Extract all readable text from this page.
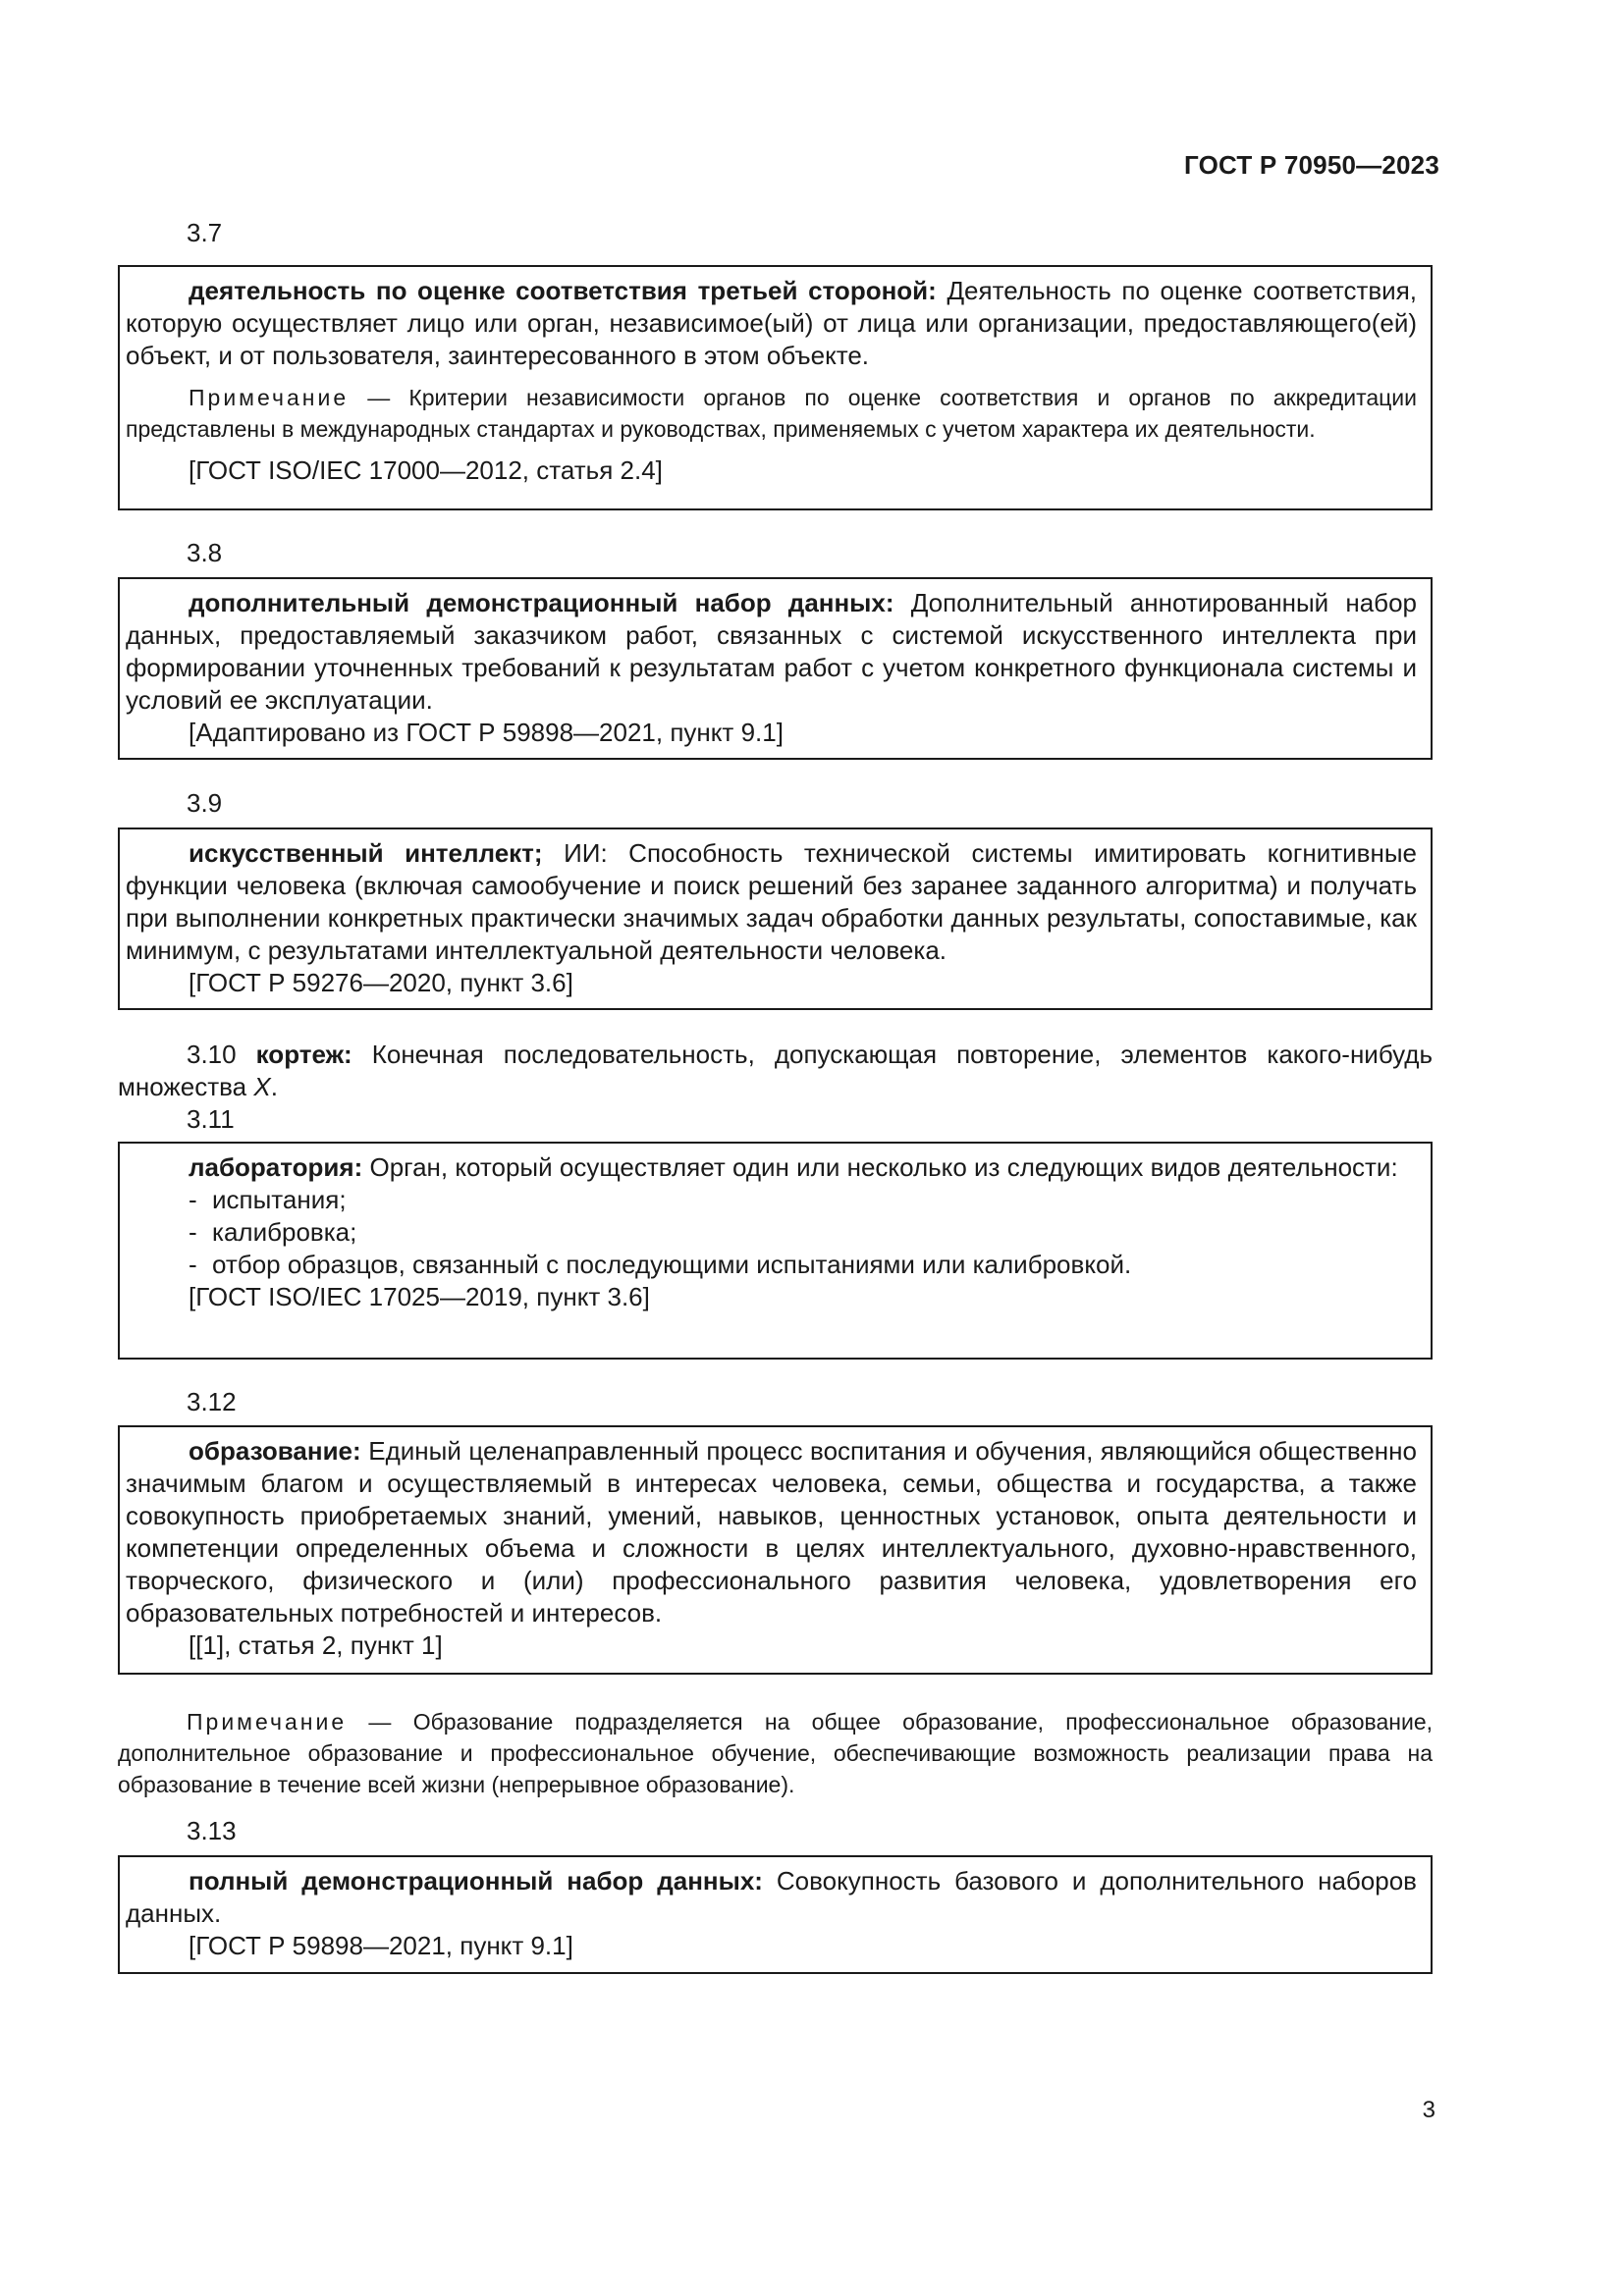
ГОСТ Р 70950—2023
3.7

деятельность по оценке соответствия третьей стороной: Деятельность по оценке соответствия, которую осуществляет лицо или орган, независимое(ый) от лица или организации, предоставляющего(ей) объект, и от пользователя, заинтересованного в этом объекте.

Примечание — Критерии независимости органов по оценке соответствия и органов по аккредитации представлены в международных стандартах и руководствах, применяемых с учетом характера их деятельности.

[ГОСТ ISO/IEC 17000—2012, статья 2.4]

3.8

дополнительный демонстрационный набор данных: Дополнительный аннотированный набор данных, предоставляемый заказчиком работ, связанных с системой искусственного интеллекта при формировании уточненных требований к результатам работ с учетом конкретного функционала системы и условий ее эксплуатации.

[Адаптировано из ГОСТ Р 59898—2021, пункт 9.1]

3.9

искусственный интеллект; ИИ: Способность технической системы имитировать когнитивные функции человека (включая самообучение и поиск решений без заранее заданного алгоритма) и получать при выполнении конкретных практически значимых задач обработки данных результаты, сопоставимые, как минимум, с результатами интеллектуальной деятельности человека.

[ГОСТ Р 59276—2020, пункт 3.6]

3.10 кортеж: Конечная последовательность, допускающая повторение, элементов какого-нибудь множества X.
3.11

лаборатория: Орган, который осуществляет один или несколько из следующих видов деятельности:

- испытания;

- калибровка;

- отбор образцов, связанный с последующими испытаниями или калибровкой.

[ГОСТ ISO/IEC 17025—2019, пункт 3.6]

3.12

образование: Единый целенаправленный процесс воспитания и обучения, являющийся общественно значимым благом и осуществляемый в интересах человека, семьи, общества и государства, а также совокупность приобретаемых знаний, умений, навыков, ценностных установок, опыта деятельности и компетенции определенных объема и сложности в целях интеллектуального, духовно-нравственного, творческого, физического и (или) профессионального развития человека, удовлетворения его образовательных потребностей и интересов.

[[1], статья 2, пункт 1]

Примечание — Образование подразделяется на общее образование, профессиональное образование, дополнительное образование и профессиональное обучение, обеспечивающие возможность реализации права на образование в течение всей жизни (непрерывное образование).
3.13

полный демонстрационный набор данных: Совокупность базового и дополнительного наборов данных.

[ГОСТ Р 59898—2021, пункт 9.1]

3
